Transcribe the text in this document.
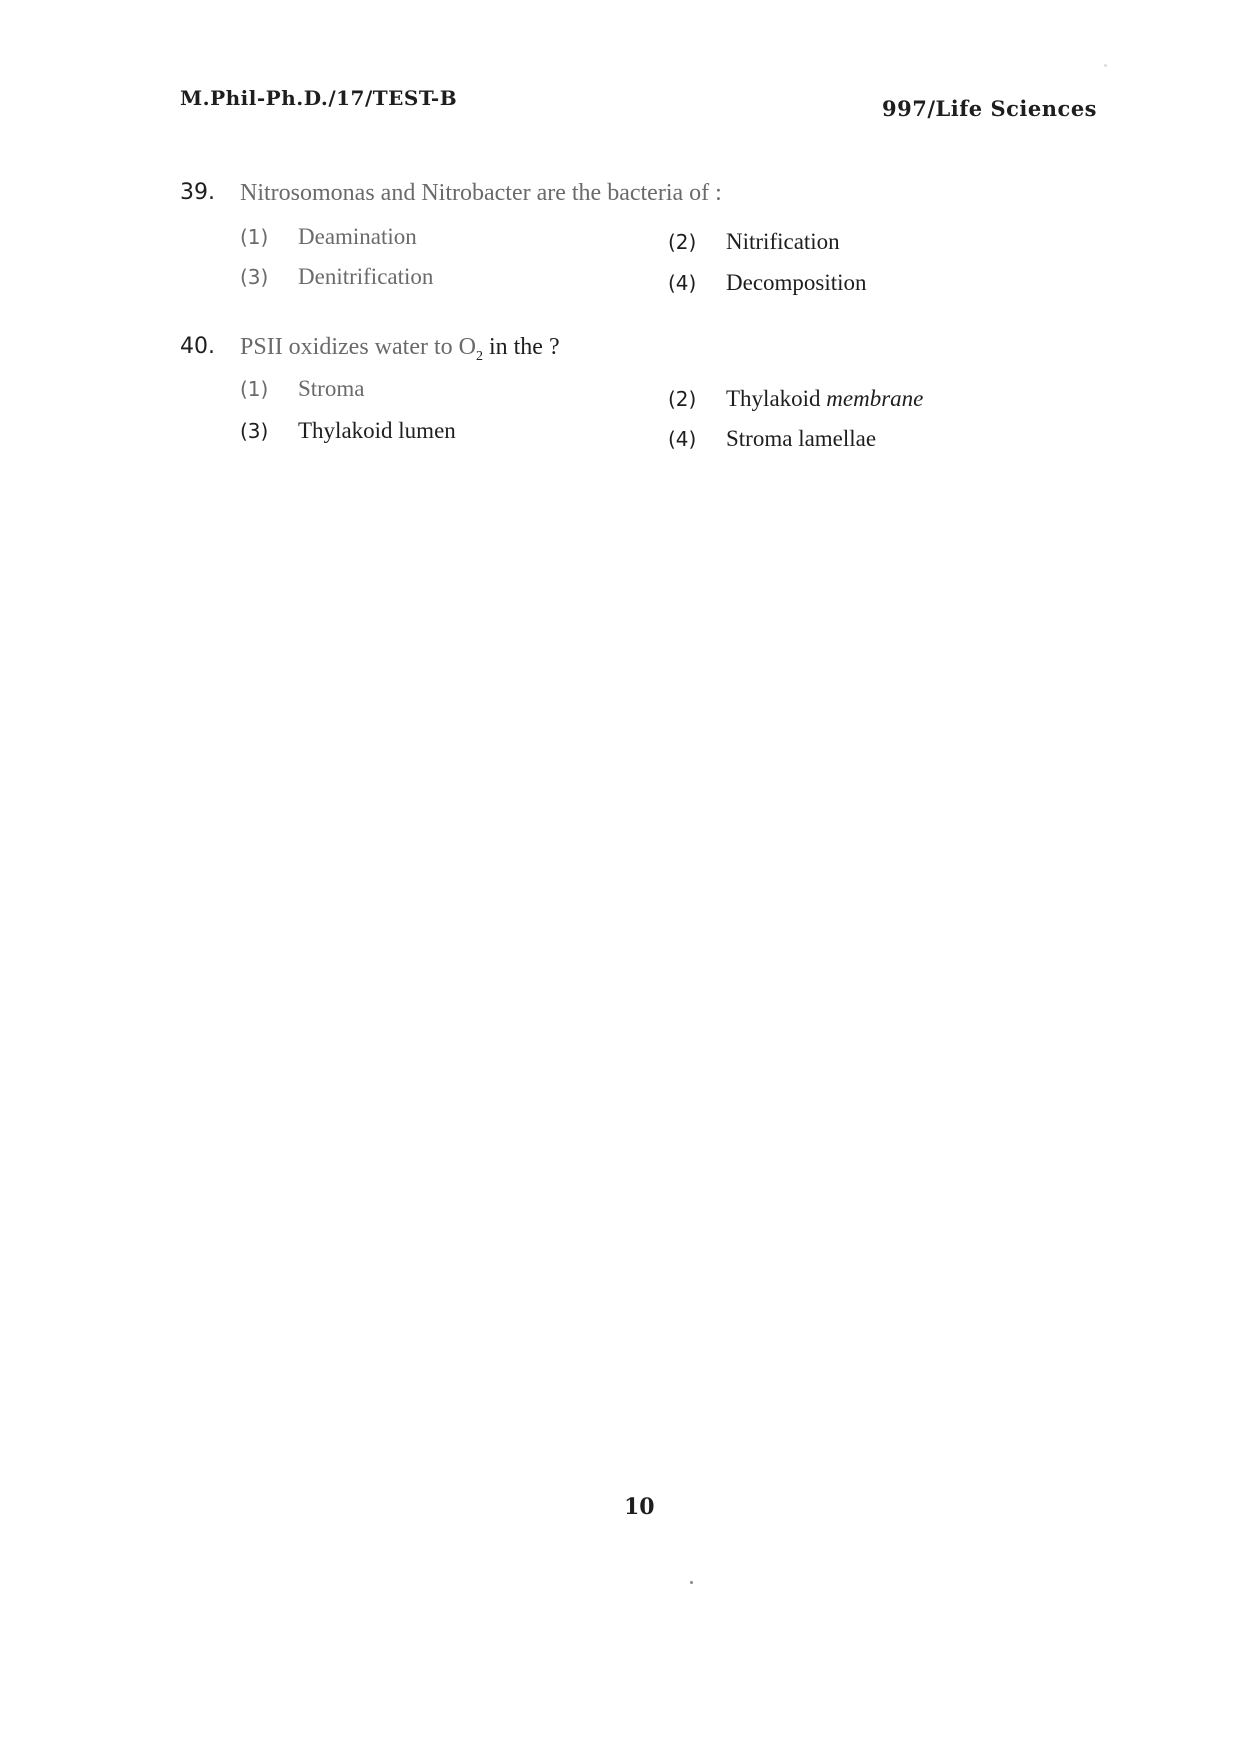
M.Phil-Ph.D./17/TEST-B	997/Life Sciences
39. Nitrosomonas and Nitrobacter are the bacteria of :
(1) Deamination	(2) Nitrification
(3) Denitrification	(4) Decomposition
40. PSII oxidizes water to $O_2$ in the ?
(1) Stroma	(2) Thylakoid membrane
(3) Thylakoid lumen	(4) Stroma lamellae
10
